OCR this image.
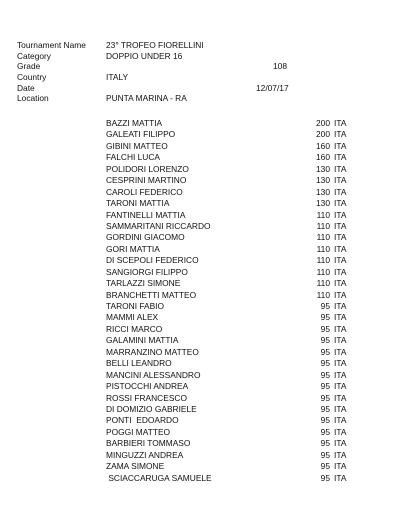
Tournament Name	23° TROFEO FIORELLINI
Category	DOPPIO UNDER 16
Grade	108
Country	ITALY
Date	12/07/17
Location	PUNTA MARINA - RA
BAZZI MATTIA	200 ITA
GALEATI FILIPPO	200 ITA
GIBINI MATTEO	160 ITA
FALCHI LUCA	160 ITA
POLIDORI LORENZO	130 ITA
CESPRINI MARTINO	130 ITA
CAROLI FEDERICO	130 ITA
TARONI MATTIA	130 ITA
FANTINELLI MATTIA	110 ITA
SAMMARITANI RICCARDO	110 ITA
GORDINI GIACOMO	110 ITA
GORI MATTIA	110 ITA
DI SCEPOLI FEDERICO	110 ITA
SANGIORGI FILIPPO	110 ITA
TARLAZZI SIMONE	110 ITA
BRANCHETTI MATTEO	110 ITA
TARONI FABIO	95 ITA
MAMMI ALEX	95 ITA
RICCI MARCO	95 ITA
GALAMINI MATTIA	95 ITA
MARRANZINO MATTEO	95 ITA
BELLI LEANDRO	95 ITA
MANCINI ALESSANDRO	95 ITA
PISTOCCHI ANDREA	95 ITA
ROSSI FRANCESCO	95 ITA
DI DOMIZIO GABRIELE	95 ITA
PONTI  EDOARDO	95 ITA
POGGI MATTEO	95 ITA
BARBIERI TOMMASO	95 ITA
MINGUZZI ANDREA	95 ITA
ZAMA SIMONE	95 ITA
SCIACCARUGA SAMUELE	95 ITA
